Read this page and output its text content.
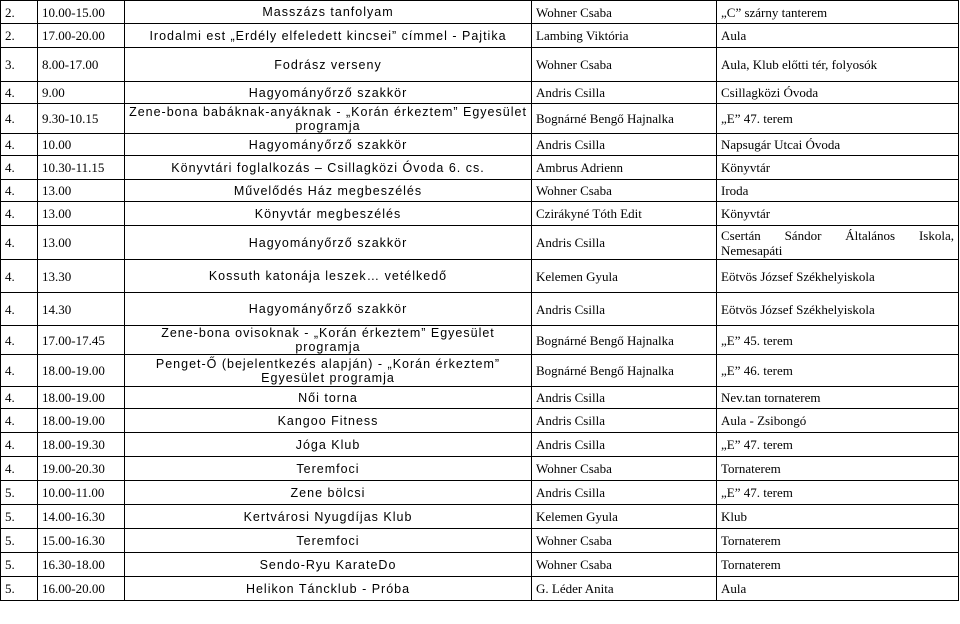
2.	10.00-15.00	Masszázs tanfolyam	Wohner Csaba	„C” szárny tanterem
2.	17.00-20.00	Irodalmi est „Erdély elfeledett kincsei” címmel - Pajtika	Lambing Viktória	Aula
3.	8.00-17.00	Fodrász verseny	Wohner Csaba	Aula, Klub előtti tér, folyosók
4.	9.00	Hagyományőrző szakkör	Andris Csilla	Csillagközi Óvoda
4.	9.30-10.15	Zene-bona babáknak-anyáknak - „Korán érkeztem” Egyesület programja	Bognárné Bengő Hajnalka	„E” 47. terem
4.	10.00	Hagyományőrző szakkör	Andris Csilla	Napsugár Utcai Óvoda
4.	10.30-11.15	Könyvtári foglalkozás – Csillagközi Óvoda 6. cs.	Ambrus Adrienn	Könyvtár
4.	13.00	Művelődés Ház megbeszélés	Wohner Csaba	Iroda
4.	13.00	Könyvtár megbeszélés	Czirákyné Tóth Edit	Könyvtár
4.	13.00	Hagyományőrző szakkör	Andris Csilla	Csertán Sándor Általános Iskola, Nemesapáti
4.	13.30	Kossuth katonája leszek… vetélkedő	Kelemen Gyula	Eötvös József Székhelyiskola
4.	14.30	Hagyományőrző szakkör	Andris Csilla	Eötvös József Székhelyiskola
4.	17.00-17.45	Zene-bona ovisoknak - „Korán érkeztem” Egyesület programja	Bognárné Bengő Hajnalka	„E” 45. terem
4.	18.00-19.00	Penget-Ő (bejelentkezés alapján) - „Korán érkeztem” Egyesület programja	Bognárné Bengő Hajnalka	„E” 46. terem
4.	18.00-19.00	Női torna	Andris Csilla	Nev.tan tornaterem
4.	18.00-19.00	Kangoo Fitness	Andris Csilla	Aula - Zsibongó
4.	18.00-19.30	Jóga Klub	Andris Csilla	„E” 47. terem
4.	19.00-20.30	Teremfoci	Wohner Csaba	Tornaterem
5.	10.00-11.00	Zene bölcsi	Andris Csilla	„E” 47. terem
5.	14.00-16.30	Kertvárosi Nyugdíjas Klub	Kelemen Gyula	Klub
5.	15.00-16.30	Teremfoci	Wohner Csaba	Tornaterem
5.	16.30-18.00	Sendo-Ryu KarateDo	Wohner Csaba	Tornaterem
5.	16.00-20.00	Helikon Táncklub - Próba	G. Léder Anita	Aula
